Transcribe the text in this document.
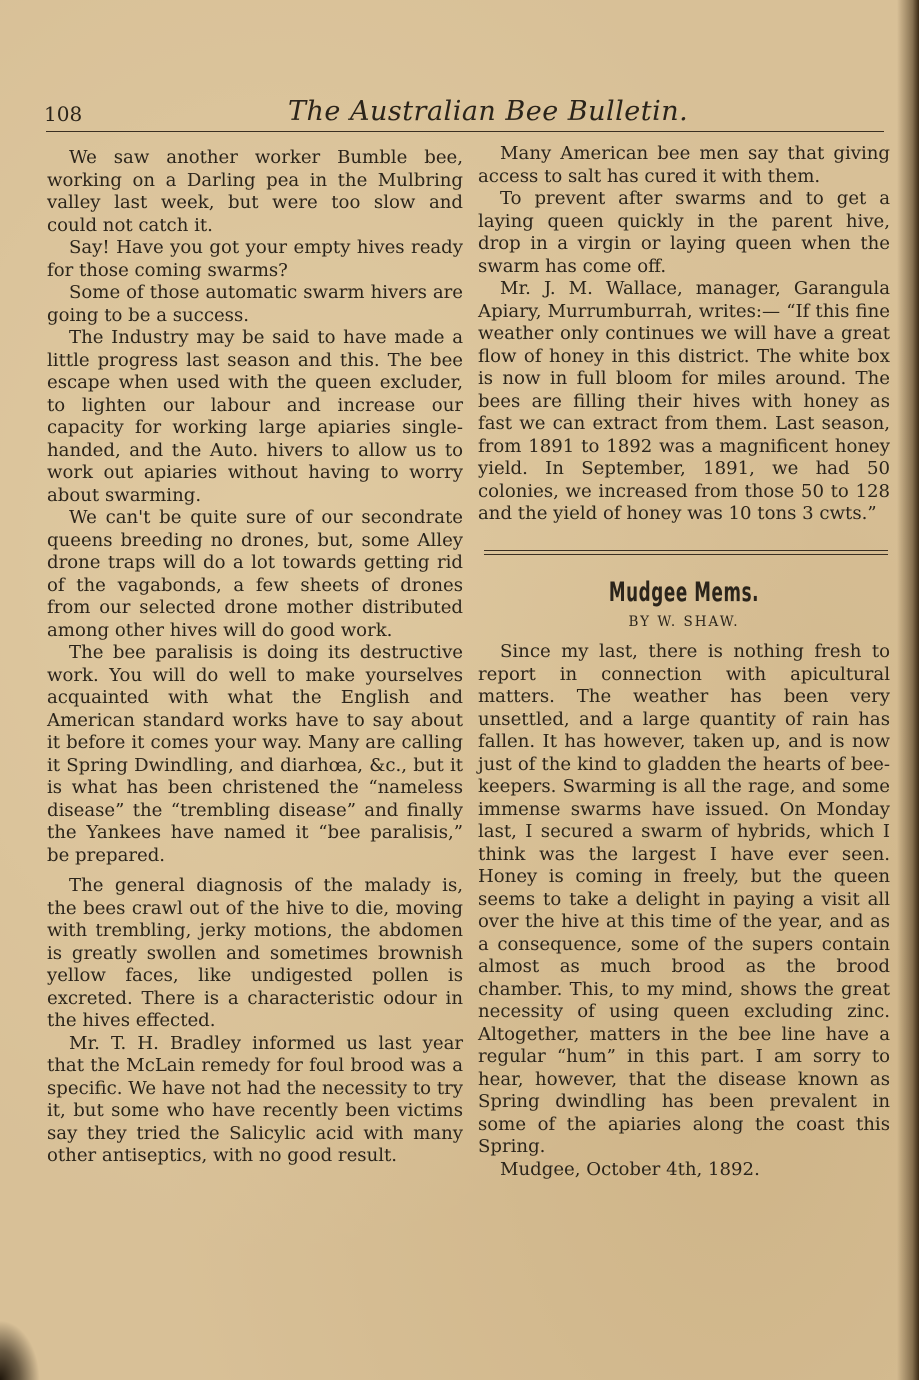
108	The Australian Bee Bulletin.

We saw another worker Bumble bee, working on a Darling pea in the Mulbring valley last week, but were too slow and could not catch it.

Say! Have you got your empty hives ready for those coming swarms?

Some of those automatic swarm hivers are going to be a success.

The Industry may be said to have made a little progress last season and this. The bee escape when used with the queen excluder, to lighten our labour and increase our capacity for working large apiaries single-handed, and the Auto. hivers to allow us to work out apiaries without having to worry about swarming.

We can't be quite sure of our secondrate queens breeding no drones, but, some Alley drone traps will do a lot towards getting rid of the vagabonds, a few sheets of drones from our selected drone mother distributed among other hives will do good work.

The bee paralisis is doing its destructive work. You will do well to make yourselves acquainted with what the English and American standard works have to say about it before it comes your way. Many are calling it Spring Dwindling, and diarhœa, &c., but it is what has been christened the “nameless disease” the “trembling disease” and finally the Yankees have named it “bee paralisis,” be prepared.

The general diagnosis of the malady is, the bees crawl out of the hive to die, moving with trembling, jerky motions, the abdomen is greatly swollen and sometimes brownish yellow faces, like undigested pollen is excreted. There is a characteristic odour in the hives effected.

Mr. T. H. Bradley informed us last year that the McLain remedy for foul brood was a specific. We have not had the necessity to try it, but some who have recently been victims say they tried the Salicylic acid with many other antiseptics, with no good result.

Many American bee men say that giving access to salt has cured it with them.

To prevent after swarms and to get a laying queen quickly in the parent hive, drop in a virgin or laying queen when the swarm has come off.

Mr. J. M. Wallace, manager, Garangula Apiary, Murrumburrah, writes:— “If this fine weather only continues we will have a great flow of honey in this district. The white box is now in full bloom for miles around. The bees are filling their hives with honey as fast we can extract from them. Last season, from 1891 to 1892 was a magnificent honey yield. In September, 1891, we had 50 colonies, we increased from those 50 to 128 and the yield of honey was 10 tons 3 cwts.”

Mudgee Mems.
BY W. SHAW.

Since my last, there is nothing fresh to report in connection with apicultural matters. The weather has been very unsettled, and a large quantity of rain has fallen. It has however, taken up, and is now just of the kind to gladden the hearts of bee-keepers. Swarming is all the rage, and some immense swarms have issued. On Monday last, I secured a swarm of hybrids, which I think was the largest I have ever seen. Honey is coming in freely, but the queen seems to take a delight in paying a visit all over the hive at this time of the year, and as a consequence, some of the supers contain almost as much brood as the brood chamber. This, to my mind, shows the great necessity of using queen excluding zinc. Altogether, matters in the bee line have a regular “hum” in this part. I am sorry to hear, however, that the disease known as Spring dwindling has been prevalent in some of the apiaries along the coast this Spring.

Mudgee, October 4th, 1892.
